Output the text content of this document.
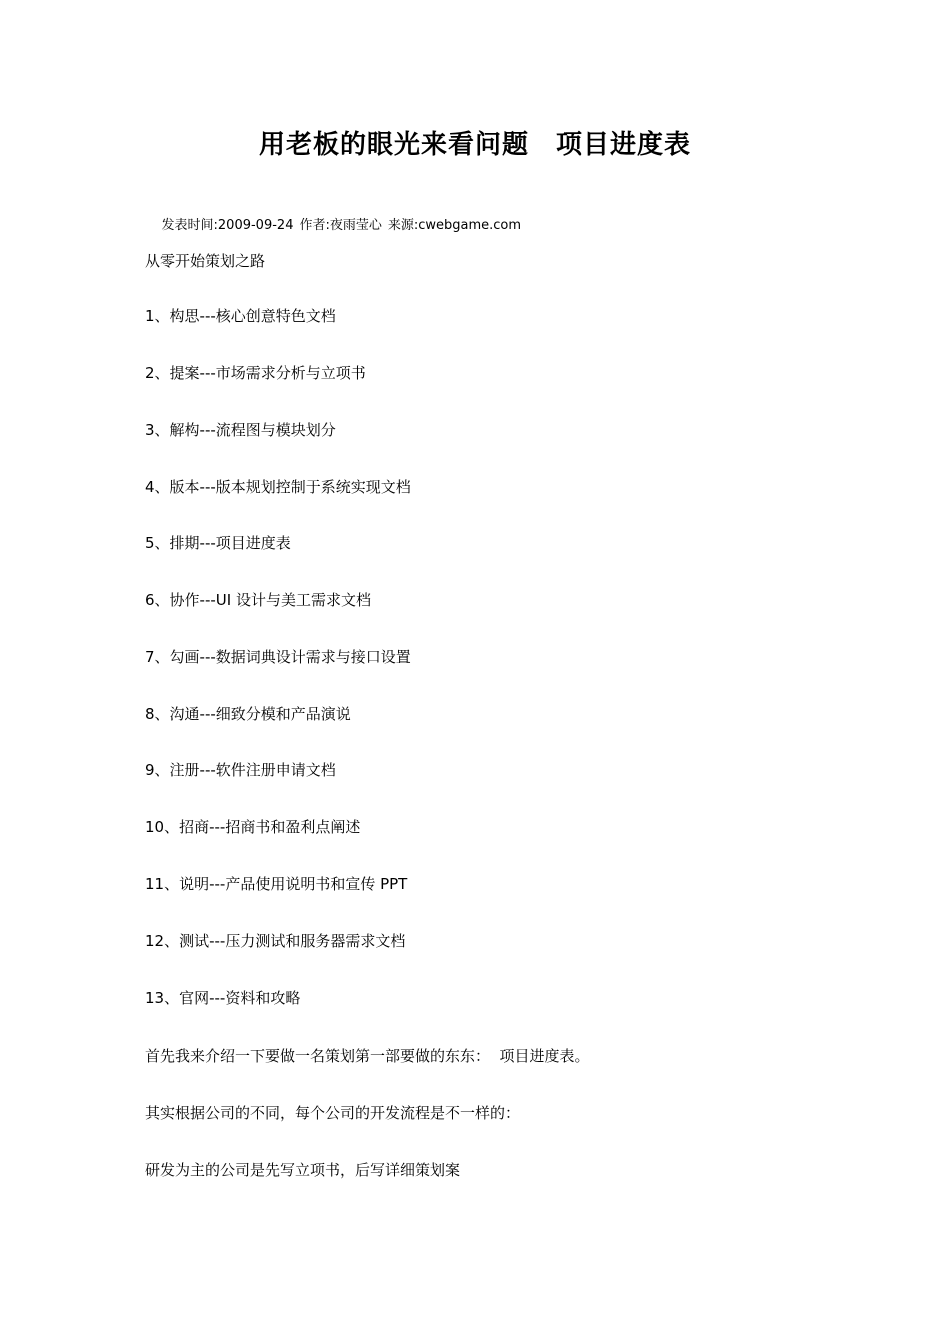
用老板的眼光来看问题　项目进度表

发表时间:2009-09-24 作者:夜雨莹心 来源:cwebgame.com

从零开始策划之路
1、构思---核心创意特色文档
2、提案---市场需求分析与立项书
3、解构---流程图与模块划分
4、版本---版本规划控制于系统实现文档
5、排期---项目进度表
6、协作---UI 设计与美工需求文档
7、勾画---数据词典设计需求与接口设置
8、沟通---细致分模和产品演说
9、注册---软件注册申请文档
10、招商---招商书和盈利点阐述
11、说明---产品使用说明书和宣传 PPT
12、测试---压力测试和服务器需求文档
13、官网---资料和攻略
首先我来介绍一下要做一名策划第一部要做的东东：  项目进度表。
其实根据公司的不同，每个公司的开发流程是不一样的：
研发为主的公司是先写立项书，后写详细策划案
